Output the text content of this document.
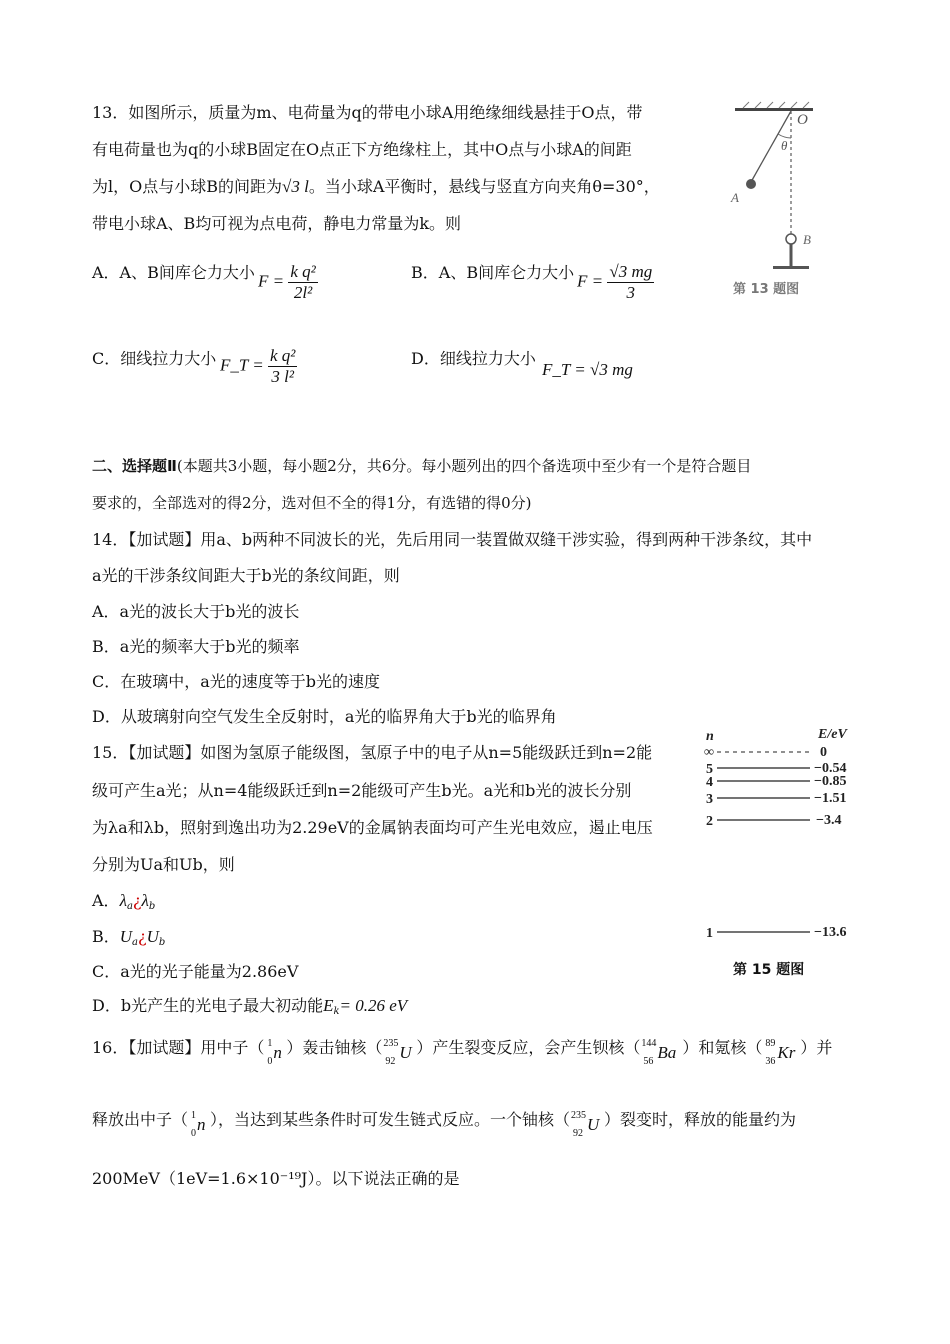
13．如图所示，质量为m、电荷量为q的带电小球A用绝缘细线悬挂于O点，带
有电荷量也为q的小球B固定在O点正下方绝缘柱上，其中O点与小球A的间距
为l，O点与小球B的间距为√3 l。当小球A平衡时，悬线与竖直方向夹角θ=30°，
带电小球A、B均可视为点电荷，静电力常量为k。则
A．A、B间库仑力大小 $F = \frac{\text{k q²}}{\text{2l²}}$	B．A、B间库仑力大小 $F = \frac{√3 mg}{3}$
C．细线拉力大小 F_T = $\frac{\text{k q²}}{\text{3 l²}}$	D．细线拉力大小
F_T = √3 mg
O
θ
A
B
第 13 题图
二、选择题Ⅱ(本题共3小题，每小题2分，共6分。每小题列出的四个备选项中至少有一个是符合题目
要求的，全部选对的得2分，选对但不全的得1分，有选错的得0分)
14．【加试题】用a、b两种不同波长的光，先后用同一装置做双缝干涉实验，得到两种干涉条纹，其中
a光的干涉条纹间距大于b光的条纹间距，则
A．a光的波长大于b光的波长
B．a光的频率大于b光的频率
C．在玻璃中，a光的速度等于b光的速度
D．从玻璃射向空气发生全反射时，a光的临界角大于b光的临界角
15．【加试题】如图为氢原子能级图，氢原子中的电子从n=5能级跃迁到n=2能
级可产生a光；从n=4能级跃迁到n=2能级可产生b光。a光和b光的波长分别
为λa和λb，照射到逸出功为2.29eV的金属钠表面均可产生光电效应，遏止电压
分别为Ua和Ub，则
A．$\lambda_a¿\lambda_b$
B．$U_a¿U_b$
C．a光的光子能量为2.86eV
D．b光产生的光电子最大初动能$E_k= 0.26$ eV
n	E/eV
∞	0
5	−0.54
4	−0.85
3	−1.51
2	−3.4
1	−13.6
第 15 题图
16．【加试题】用中子（ 1
0 n ）轰击铀核（ 235
92 U ）产生裂变反应，会产生钡核（ 144
56 Ba ）和氪核（ 89
36 Kr ）并
释放出中子（ 1
0 n ），当达到某些条件时可发生链式反应。一个铀核（ 235
92 U ）裂变时，释放的能量约为
200MeV（1eV=1.6×10⁻¹⁹J）。以下说法正确的是
